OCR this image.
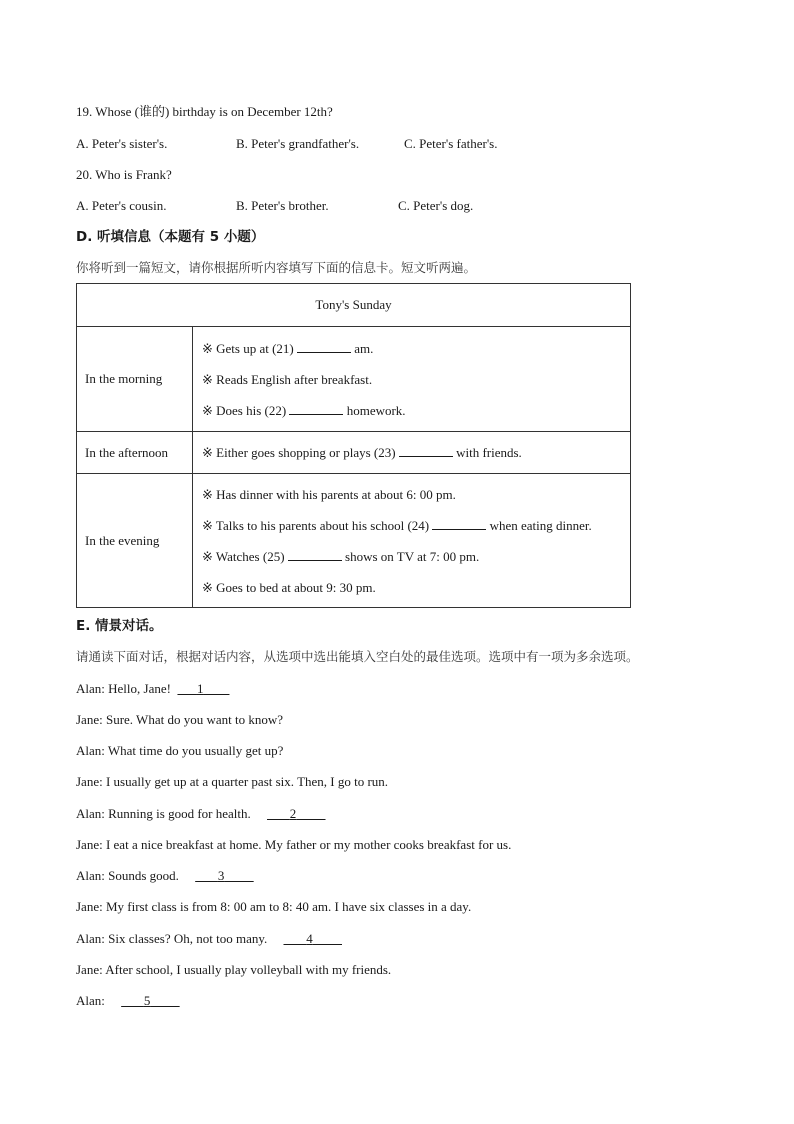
19. Whose (谁的) birthday is on December 12th?
A. Peter's sister's.	B. Peter's grandfather's.	C. Peter's father's.
20. Who is Frank?
A. Peter's cousin.	B. Peter's brother.	C. Peter's dog.
D. 听填信息（本题有 5 小题）
你将听到一篇短文，请你根据所听内容填写下面的信息卡。短文听两遍。
Tony's Sunday	
In the morning	※ Gets up at (21) am.
※ Reads English after breakfast.
※ Does his (22) homework.

In the afternoon	※ Either goes shopping or plays (23) with friends.

In the evening	※ Has dinner with his parents at about 6: 00 pm.
※ Talks to his parents about his school (24) when eating dinner.
※ Watches (25) shows on TV at 7: 00 pm.
※ Goes to bed at about 9: 30 pm.
E. 情景对话。
请通读下面对话，根据对话内容，从选项中选出能填入空白处的最佳选项。选项中有一项为多余选项。
Alan: Hello, Jane!        1
Jane: Sure. What do you want to know?
Alan: What time do you usually get up?
Jane: I usually get up at a quarter past six. Then, I go to run.
Alan: Running is good for health.            2
Jane: I eat a nice breakfast at home. My father or my mother cooks breakfast for us.
Alan: Sounds good.            3
Jane: My first class is from 8: 00 am to 8: 40 am. I have six classes in a day.
Alan: Six classes? Oh, not too many.            4
Jane: After school, I usually play volleyball with my friends.
Alan:            5
